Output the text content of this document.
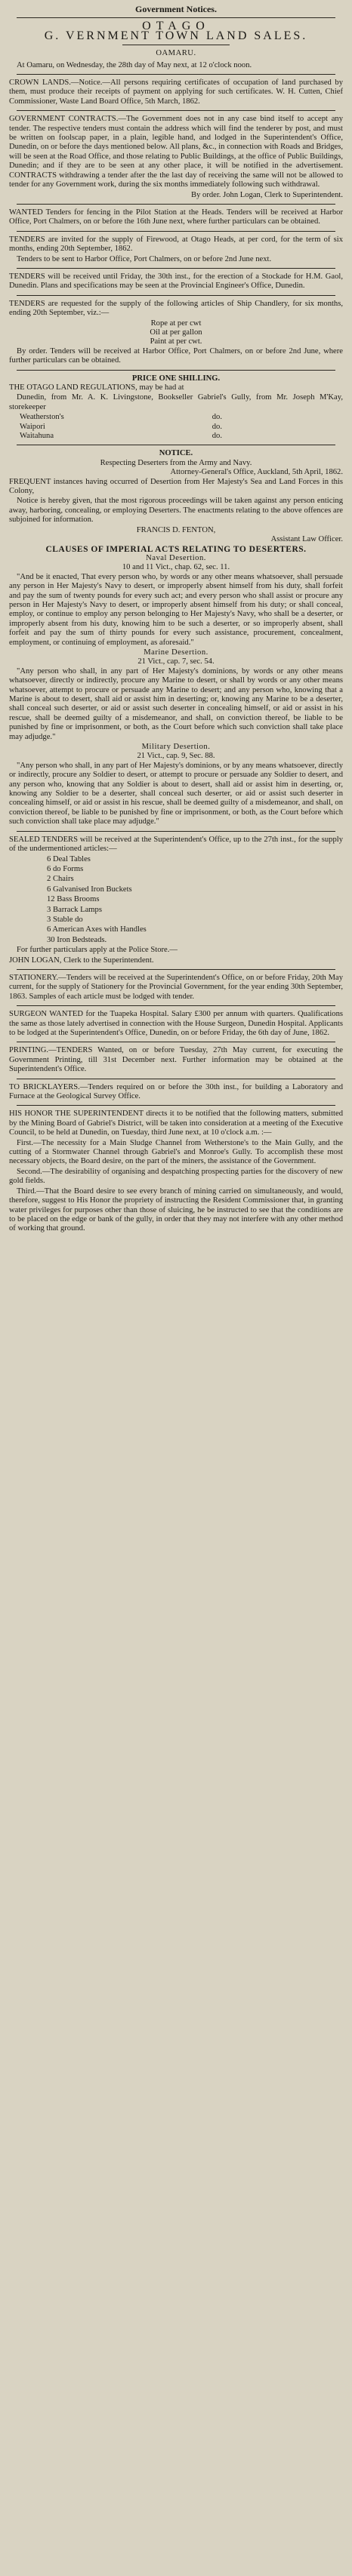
Government Notices.
OTAGO
G. VERNMENT TOWN LAND SALES.
OAMARU.

At Oamaru, on Wednesday, the 28th day of May next, at 12 o'clock noon.

CROWN LANDS.—Notice.—All persons requiring certificates of occupation of land purchased by them, must produce their receipts of payment on applying for such certificates. W. H. Cutten, Chief Commissioner, Waste Land Board Office, 5th March, 1862.

GOVERNMENT CONTRACTS.—The Government does not in any case bind itself to accept any tender. The respective tenders must contain the address which will find the tenderer by post, and must be written on foolscap paper, in a plain, legible hand, and lodged in the Superintendent's Office, Dunedin, on or before the days mentioned below. All plans, &c., in connection with Roads and Bridges, will be seen at the Road Office, and those relating to Public Buildings, at the office of Public Buildings, Dunedin; and if they are to be seen at any other place, it will be notified in the advertisement. CONTRACTS withdrawing a tender after the the last day of receiving the same will not be allowed to tender for any Government work, during the six months immediately following such withdrawal.

By order. John Logan, Clerk to Superintendent.

WANTED Tenders for fencing in the Pilot Station at the Heads. Tenders will be received at Harbor Office, Port Chalmers, on or before the 16th June next, where further particulars can be obtained.

TENDERS are invited for the supply of Firewood, at Otago Heads, at per cord, for the term of six months, ending 20th September, 1862.

Tenders to be sent to Harbor Office, Port Chalmers, on or before 2nd June next.

TENDERS will be received until Friday, the 30th inst., for the erection of a Stockade for H.M. Gaol, Dunedin. Plans and specifications may be seen at the Provincial Engineer's Office, Dunedin.

TENDERS are requested for the supply of the following articles of Ship Chandlery, for six months, ending 20th September, viz.:—

Rope at per cwt
Oil at per gallon
Paint at per cwt.

By order. Tenders will be received at Harbor Office, Port Chalmers, on or before 2nd June, where further particulars can be obtained.

PRICE ONE SHILLING.

THE OTAGO LAND REGULATIONS, may be had at

Dunedin, from Mr. A. K. Livingstone, Bookseller Gabriel's Gully, from Mr. Joseph M'Kay, storekeeper

Weatherston's	do.
Waipori	do.
Waitahuna	do.
NOTICE.
Respecting Deserters from the Army and Navy.
Attorney-General's Office, Auckland, 5th April, 1862.

FREQUENT instances having occurred of Desertion from Her Majesty's Sea and Land Forces in this Colony,

Notice is hereby given, that the most rigorous proceedings will be taken against any person enticing away, harboring, concealing, or employing Deserters. The enactments relating to the above offences are subjoined for information.

FRANCIS D. FENTON,
Assistant Law Officer.
CLAUSES OF IMPERIAL ACTS RELATING TO DESERTERS.
Naval Desertion.
10 and 11 Vict., chap. 62, sec. 11.

"And be it enacted, That every person who, by words or any other means whatsoever, shall persuade any person in Her Majesty's Navy to desert, or improperly absent himself from his duty, shall forfeit and pay the sum of twenty pounds for every such act; and every person who shall assist or procure any person in Her Majesty's Navy to desert, or improperly absent himself from his duty; or shall conceal, employ, or continue to employ any person belonging to Her Majesty's Navy, who shall be a deserter, or improperly absent from his duty, knowing him to be such a deserter, or so improperly absent, shall forfeit and pay the sum of thirty pounds for every such assistance, procurement, concealment, employment, or continuing of employment, as aforesaid."

Marine Desertion.
21 Vict., cap. 7, sec. 54.

"Any person who shall, in any part of Her Majesty's dominions, by words or any other means whatsoever, directly or indirectly, procure any Marine to desert, or shall by words or any other means whatsoever, attempt to procure or persuade any Marine to desert; and any person who, knowing that a Marine is about to desert, shall aid or assist him in deserting; or, knowing any Marine to be a deserter, shall conceal such deserter, or aid or assist such deserter in concealing himself, or aid or assist in his rescue, shall be deemed guilty of a misdemeanor, and shall, on conviction thereof, be liable to be punished by fine or imprisonment, or both, as the Court before which such conviction shall take place may adjudge."

Military Desertion.
21 Vict., cap. 9, Sec. 88.

"Any person who shall, in any part of Her Majesty's dominions, or by any means whatsoever, directly or indirectly, procure any Soldier to desert, or attempt to procure or persuade any Soldier to desert, and any person who, knowing that any Soldier is about to desert, shall aid or assist him in deserting, or, knowing any Soldier to be a deserter, shall conceal such deserter, or aid or assist such deserter in concealing himself, or aid or assist in his rescue, shall be deemed guilty of a misdemeanor, and shall, on conviction thereof, be liable to be punished by fine or imprisonment, or both, as the Court before which such conviction shall take place may adjudge."

SEALED TENDERS will be received at the Superintendent's Office, up to the 27th inst., for the supply of the undermentioned articles:—

6 Deal Tables
6 do Forms
2 Chairs
6 Galvanised Iron Buckets
12 Bass Brooms
3 Barrack Lamps
3 Stable do
6 American Axes with Handles
30 Iron Bedsteads.

For further particulars apply at the Police Store.—

JOHN LOGAN, Clerk to the Superintendent.

STATIONERY.—Tenders will be received at the Superintendent's Office, on or before Friday, 20th May current, for the supply of Stationery for the Provincial Government, for the year ending 30th September, 1863. Samples of each article must be lodged with tender.

SURGEON WANTED for the Tuapeka Hospital. Salary £300 per annum with quarters. Qualifications the same as those lately advertised in connection with the House Surgeon, Dunedin Hospital. Applicants to be lodged at the Superintendent's Office, Dunedin, on or before Friday, the 6th day of June, 1862.

PRINTING.—TENDERS Wanted, on or before Tuesday, 27th May current, for executing the Government Printing, till 31st December next. Further information may be obtained at the Superintendent's Office.

TO BRICKLAYERS.—Tenders required on or before the 30th inst., for building a Laboratory and Furnace at the Geological Survey Office.

HIS HONOR THE SUPERINTENDENT directs it to be notified that the following matters, submitted by the Mining Board of Gabriel's District, will be taken into consideration at a meeting of the Executive Council, to be held at Dunedin, on Tuesday, third June next, at 10 o'clock a.m. :—

First.—The necessity for a Main Sludge Channel from Wetherstone's to the Main Gully, and the cutting of a Stormwater Channel through Gabriel's and Monroe's Gully. To accomplish these most necessary objects, the Board desire, on the part of the miners, the assistance of the Government.

Second.—The desirability of organising and despatching prospecting parties for the discovery of new gold fields.

Third.—That the Board desire to see every branch of mining carried on simultaneously, and would, therefore, suggest to His Honor the propriety of instructing the Resident Commissioner that, in granting water privileges for purposes other than those of sluicing, he be instructed to see that the conditions are to be placed on the edge or bank of the gully, in order that they may not interfere with any other method of working that ground.
